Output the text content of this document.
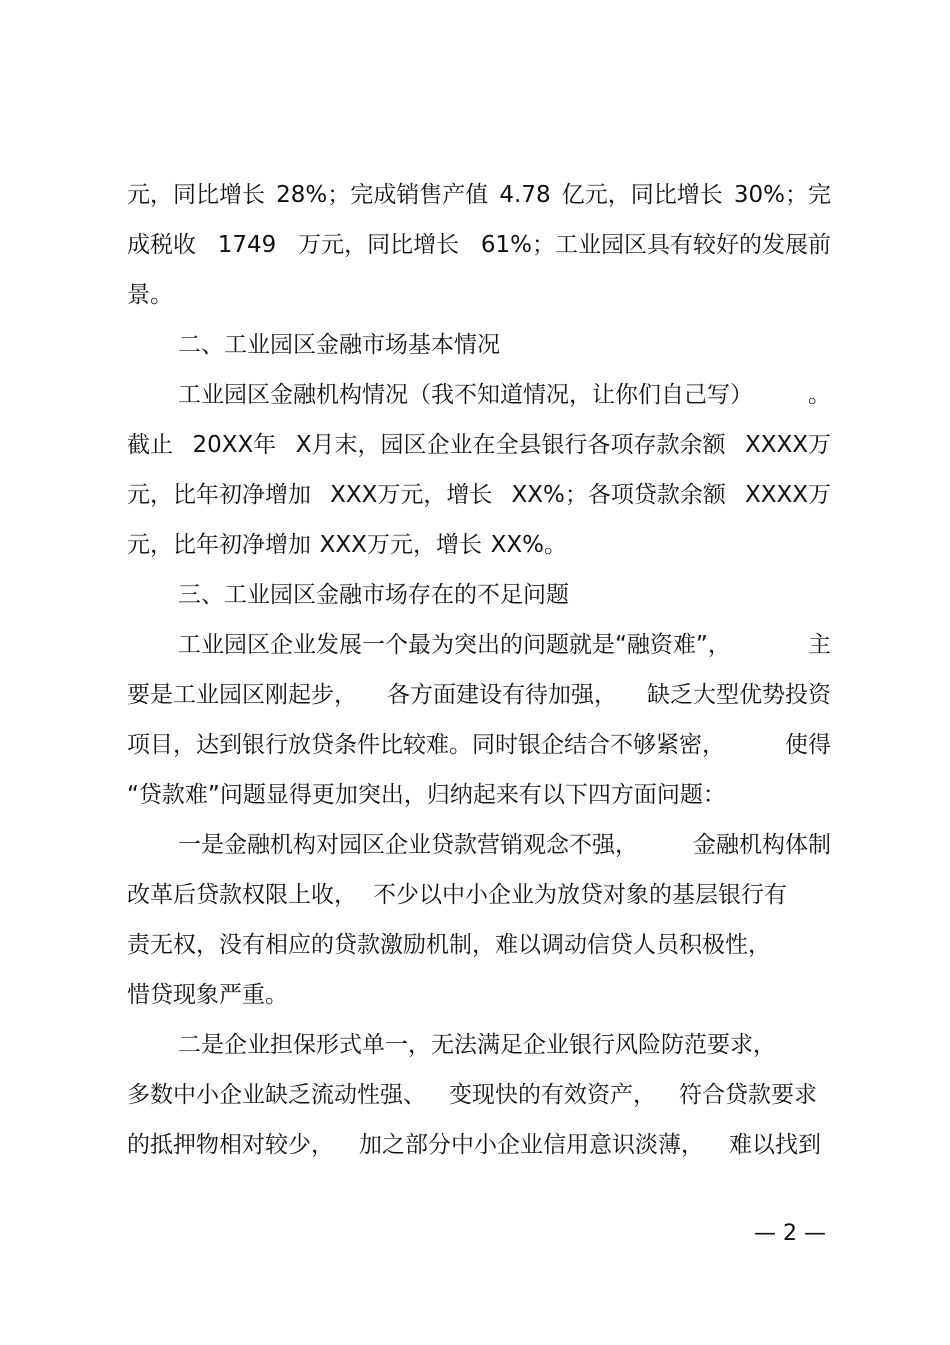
元，同比增长 28%；完成销售产值 4.78 亿元，同比增长 30%；完
成税收 1749 万元，同比增长 61%；工业园区具有较好的发展前
景。
二、工业园区金融市场基本情况
工业园区金融机构情况（我不知道情况，让你们自己写） 。
截止 20XX年 X月末，园区企业在全县银行各项存款余额 XXXX万
元，比年初净增加 XXX万元，增长 XX%；各项贷款余额 XXXX万
元，比年初净增加 XXX万元，增长 XX%。
三、工业园区金融市场存在的不足问题
工业园区企业发展一个最为突出的问题就是“融资难”，	主
要是工业园区刚起步， 各方面建设有待加强， 缺乏大型优势投资
项目，达到银行放贷条件比较难。同时银企结合不够紧密，	使得
“贷款难”问题显得更加突出，归纳起来有以下四方面问题：
一是金融机构对园区企业贷款营销观念不强， 金融机构体制
改革后贷款权限上收， 不少以中小企业为放贷对象的基层银行有
责无权，没有相应的贷款激励机制，难以调动信贷人员积极性，
惜贷现象严重。
二是企业担保形式单一，无法满足企业银行风险防范要求，
多数中小企业缺乏流动性强、 变现快的有效资产， 符合贷款要求
的抵押物相对较少， 加之部分中小企业信用意识淡薄， 难以找到
— 2 —
